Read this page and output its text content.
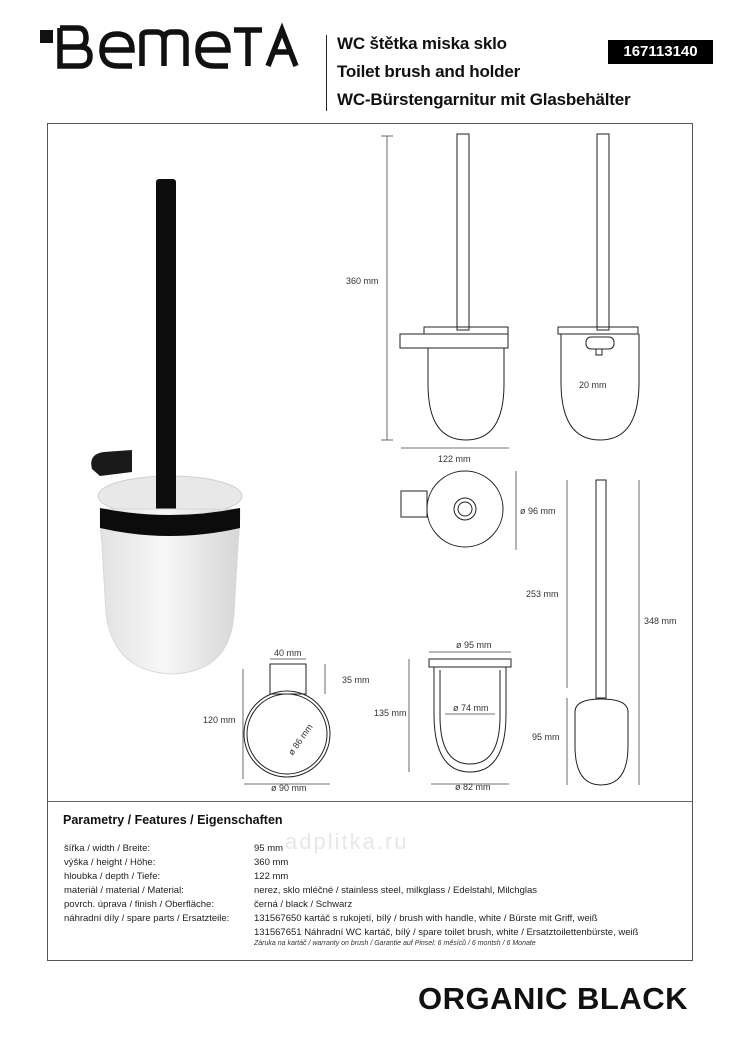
WC štětka miska sklo
Toilet brush and holder
WC-Bürstengarnitur mit Glasbehälter
167113140
360 mm
20 mm
122 mm
ø 96 mm
253 mm
348 mm
95 mm
40 mm
35 mm
120 mm
ø 86 mm
ø 90 mm
ø 95 mm
135 mm	ø 74 mm
ø 82 mm
adplitka.ru
Parametry / Features / Eigenschaften
šířka / width / Breite:	95 mm
výška / height / Höhe:	360 mm
hloubka / depth / Tiefe:	122 mm
materiál / material / Material:	nerez, sklo mléčné / stainless steel, milkglass / Edelstahl, Milchglas
povrch. úprava / finish / Oberfläche:	černá / black / Schwarz
náhradní díly / spare parts / Ersatzteile:	131567650 kartáč s rukojetí, bílý / brush with handle, white / Bürste mit Griff, weiß
131567651 Náhradní WC kartáč, bílý / spare toilet brush, white / Ersatztoilettenbürste, weiß
Záruka na kartáč / warranty on brush / Garantie auf Pinsel: 6 měsíců / 6 montsh / 6 Monate
ORGANIC BLACK
